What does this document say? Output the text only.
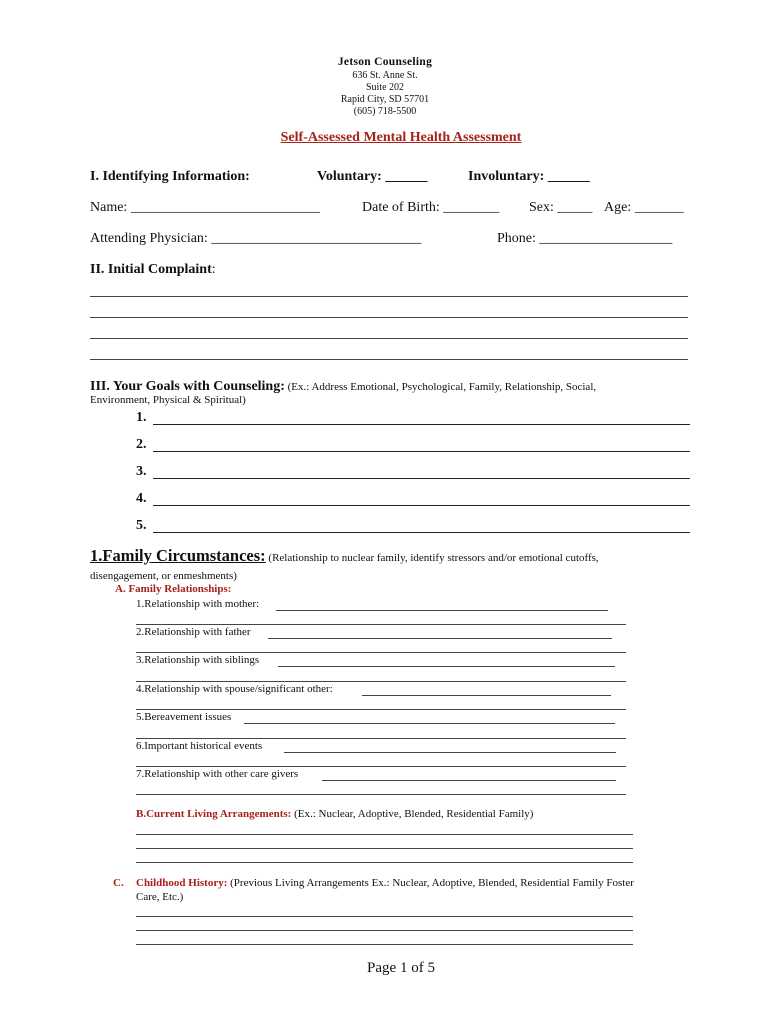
Jetson Counseling
636 St. Anne St.
Suite 202
Rapid City, SD 57701
(605) 718-5500
Self-Assessed Mental Health Assessment
I. Identifying Information:	Voluntary: ______	Involuntary: ______
Name: ___________________________	Date of Birth: ________ Sex: _____ Age: _______
Attending Physician: ______________________________	Phone: ___________________
II. Initial Complaint:
III. Your Goals with Counseling: (Ex.: Address Emotional, Psychological, Family, Relationship, Social,
Environment, Physical & Spiritual)
1.
2.
3.
4.
5.
1.Family Circumstances: (Relationship to nuclear family, identify stressors and/or emotional cutoffs,
disengagement, or enmeshments)
A. Family Relationships:
1.Relationship with mother:
2.Relationship with father
3.Relationship with siblings
4.Relationship with spouse/significant other:
5.Bereavement issues
6.Important historical events
7.Relationship with other care givers
B.Current Living Arrangements: (Ex.: Nuclear, Adoptive, Blended, Residential Family)
C. Childhood History: (Previous Living Arrangements Ex.: Nuclear, Adoptive, Blended, Residential Family Foster
Care, Etc.)
Page 1 of 5
